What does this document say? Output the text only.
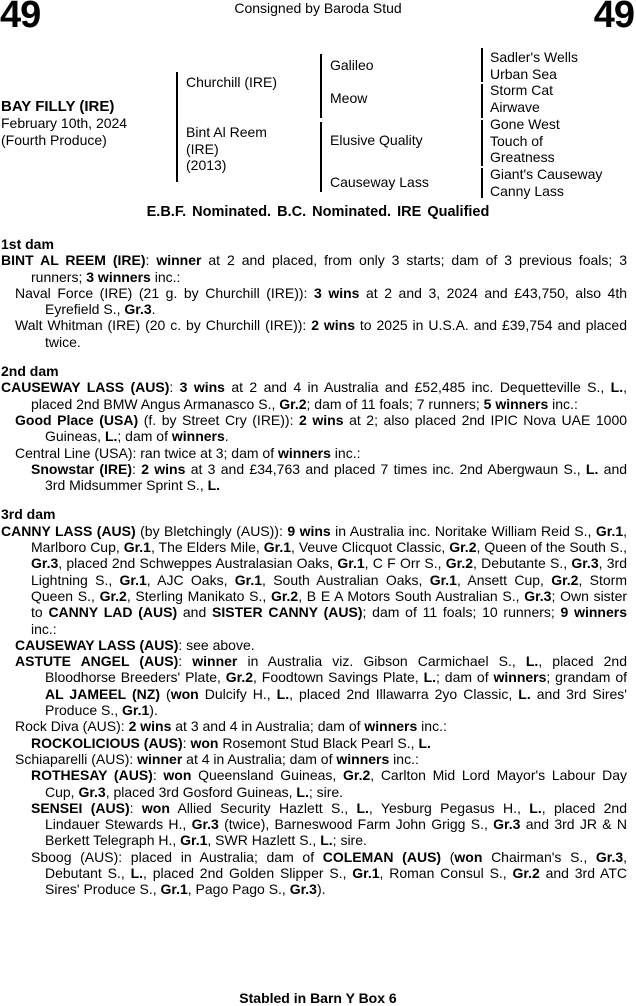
49	Consigned by Baroda Stud	49
BAY FILLY (IRE)
February 10th, 2024
(Fourth Produce)
Churchill (IRE)
Bint Al Reem
(IRE)
(2013)
Galileo
Meow
Elusive Quality
Causeway Lass
Sadler's Wells
Urban Sea
Storm Cat
Airwave
Gone West
Touch of
Greatness
Giant's Causeway
Canny Lass
E.B.F. Nominated. B.C. Nominated. IRE Qualified
1st dam
BINT AL REEM (IRE): winner at 2 and placed, from only 3 starts; dam of 3 previous foals; 3 runners; 3 winners inc.:
Naval Force (IRE) (21 g. by Churchill (IRE)): 3 wins at 2 and 3, 2024 and £43,750, also 4th Eyrefield S., Gr.3.
Walt Whitman (IRE) (20 c. by Churchill (IRE)): 2 wins to 2025 in U.S.A. and £39,754 and placed twice.
2nd dam
CAUSEWAY LASS (AUS): 3 wins at 2 and 4 in Australia and £52,485 inc. Dequetteville S., L., placed 2nd BMW Angus Armanasco S., Gr.2; dam of 11 foals; 7 runners; 5 winners inc.:
Good Place (USA) (f. by Street Cry (IRE)): 2 wins at 2; also placed 2nd IPIC Nova UAE 1000 Guineas, L.; dam of winners.
Central Line (USA): ran twice at 3; dam of winners inc.:
Snowstar (IRE): 2 wins at 3 and £34,763 and placed 7 times inc. 2nd Abergwaun S., L. and 3rd Midsummer Sprint S., L.
3rd dam
CANNY LASS (AUS) (by Bletchingly (AUS)): 9 wins in Australia inc. Noritake William Reid S., Gr.1, Marlboro Cup, Gr.1, The Elders Mile, Gr.1, Veuve Clicquot Classic, Gr.2, Queen of the South S., Gr.3, placed 2nd Schweppes Australasian Oaks, Gr.1, C F Orr S., Gr.2, Debutante S., Gr.3, 3rd Lightning S., Gr.1, AJC Oaks, Gr.1, South Australian Oaks, Gr.1, Ansett Cup, Gr.2, Storm Queen S., Gr.2, Sterling Manikato S., Gr.2, B E A Motors South Australian S., Gr.3; Own sister to CANNY LAD (AUS) and SISTER CANNY (AUS); dam of 11 foals; 10 runners; 9 winners inc.:
CAUSEWAY LASS (AUS): see above.
ASTUTE ANGEL (AUS): winner in Australia viz. Gibson Carmichael S., L., placed 2nd Bloodhorse Breeders' Plate, Gr.2, Foodtown Savings Plate, L.; dam of winners; grandam of AL JAMEEL (NZ) (won Dulcify H., L., placed 2nd Illawarra 2yo Classic, L. and 3rd Sires' Produce S., Gr.1).
Rock Diva (AUS): 2 wins at 3 and 4 in Australia; dam of winners inc.:
ROCKOLICIOUS (AUS): won Rosemont Stud Black Pearl S., L.
Schiaparelli (AUS): winner at 4 in Australia; dam of winners inc.:
ROTHESAY (AUS): won Queensland Guineas, Gr.2, Carlton Mid Lord Mayor's Labour Day Cup, Gr.3, placed 3rd Gosford Guineas, L.; sire.
SENSEI (AUS): won Allied Security Hazlett S., L., Yesburg Pegasus H., L., placed 2nd Lindauer Stewards H., Gr.3 (twice), Barneswood Farm John Grigg S., Gr.3 and 3rd JR & N Berkett Telegraph H., Gr.1, SWR Hazlett S., L.; sire.
Sboog (AUS): placed in Australia; dam of COLEMAN (AUS) (won Chairman's S., Gr.3, Debutant S., L., placed 2nd Golden Slipper S., Gr.1, Roman Consul S., Gr.2 and 3rd ATC Sires' Produce S., Gr.1, Pago Pago S., Gr.3).
Stabled in Barn Y Box 6
